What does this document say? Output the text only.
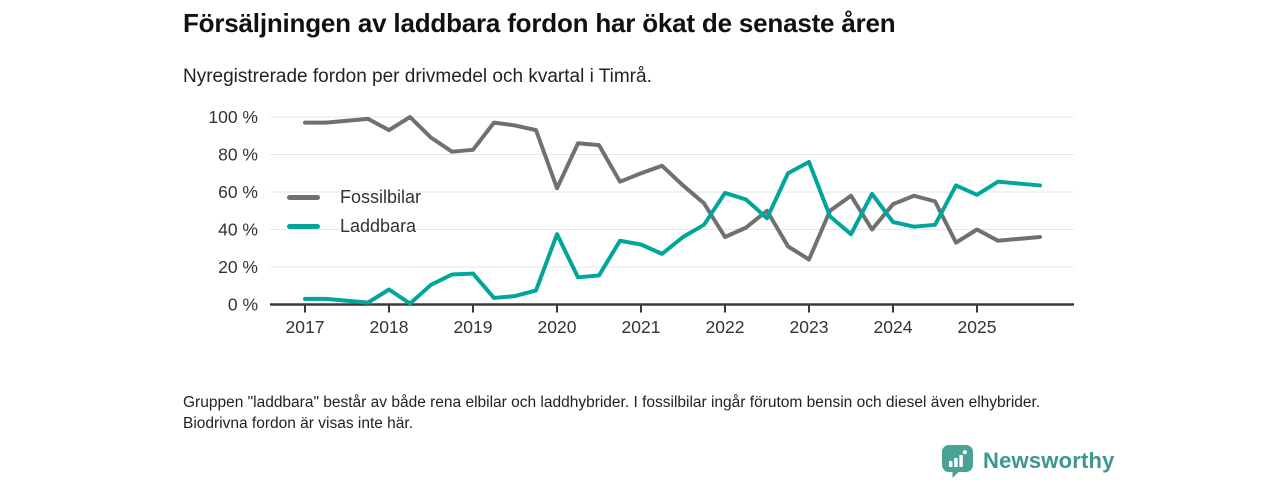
Försäljningen av laddbara fordon har ökat de senaste åren

Nyregistrerade fordon per drivmedel och kvartal i Timrå.

0 %
20 %
40 %
60 %
80 %
100 %
2017	2018	2019	2020	2021	2022	2023	2024	2025
Fossilbilar
Laddbara

Gruppen "laddbara" består av både rena elbilar och laddhybrider. I fossilbilar ingår förutom bensin och diesel även elhybrider. Biodrivna fordon är visas inte här.

Newsworthy
